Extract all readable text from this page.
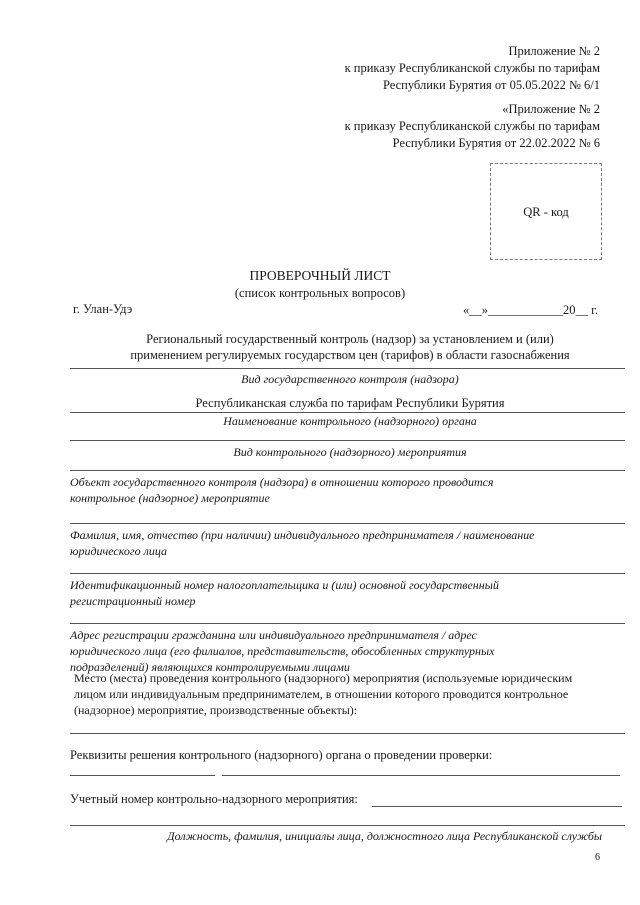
Приложение № 2
к приказу Республиканской службы по тарифам
Республики Бурятия от 05.05.2022 № 6/1
«Приложение № 2
к приказу Республиканской службы по тарифам
Республики Бурятия от 22.02.2022 № 6
QR - код
ПРОВЕРОЧНЫЙ ЛИСТ
(список контрольных вопросов)
г. Улан-Удэ	«__»____________20__ г.
Региональный государственный контроль (надзор) за установлением и (или)
применением регулируемых государством цен (тарифов) в области газоснабжения
Вид государственного контроля (надзора)
Республиканская служба по тарифам Республики Бурятия
Наименование контрольного (надзорного) органа
Вид контрольного (надзорного) мероприятия
Объект государственного контроля (надзора) в отношении которого проводится
контрольное (надзорное) мероприятие
Фамилия, имя, отчество (при наличии) индивидуального предпринимателя / наименование
юридического лица
Идентификационный номер налогоплательщика и (или) основной государственный
регистрационный номер
Адрес регистрации гражданина или индивидуального предпринимателя / адрес
юридического лица (его филиалов, представительств, обособленных структурных
подразделений) являющихся контролируемыми лицами
Место (места) проведения контрольного (надзорного) мероприятия (используемые юридическим
лицом или индивидуальным предпринимателем, в отношении которого проводится контрольное
(надзорное) мероприятие, производственные объекты):
Реквизиты решения контрольного (надзорного) органа о проведении проверки:
Учетный номер контрольно-надзорного мероприятия:
Должность, фамилия, инициалы лица, должностного лица Республиканской службы
6
